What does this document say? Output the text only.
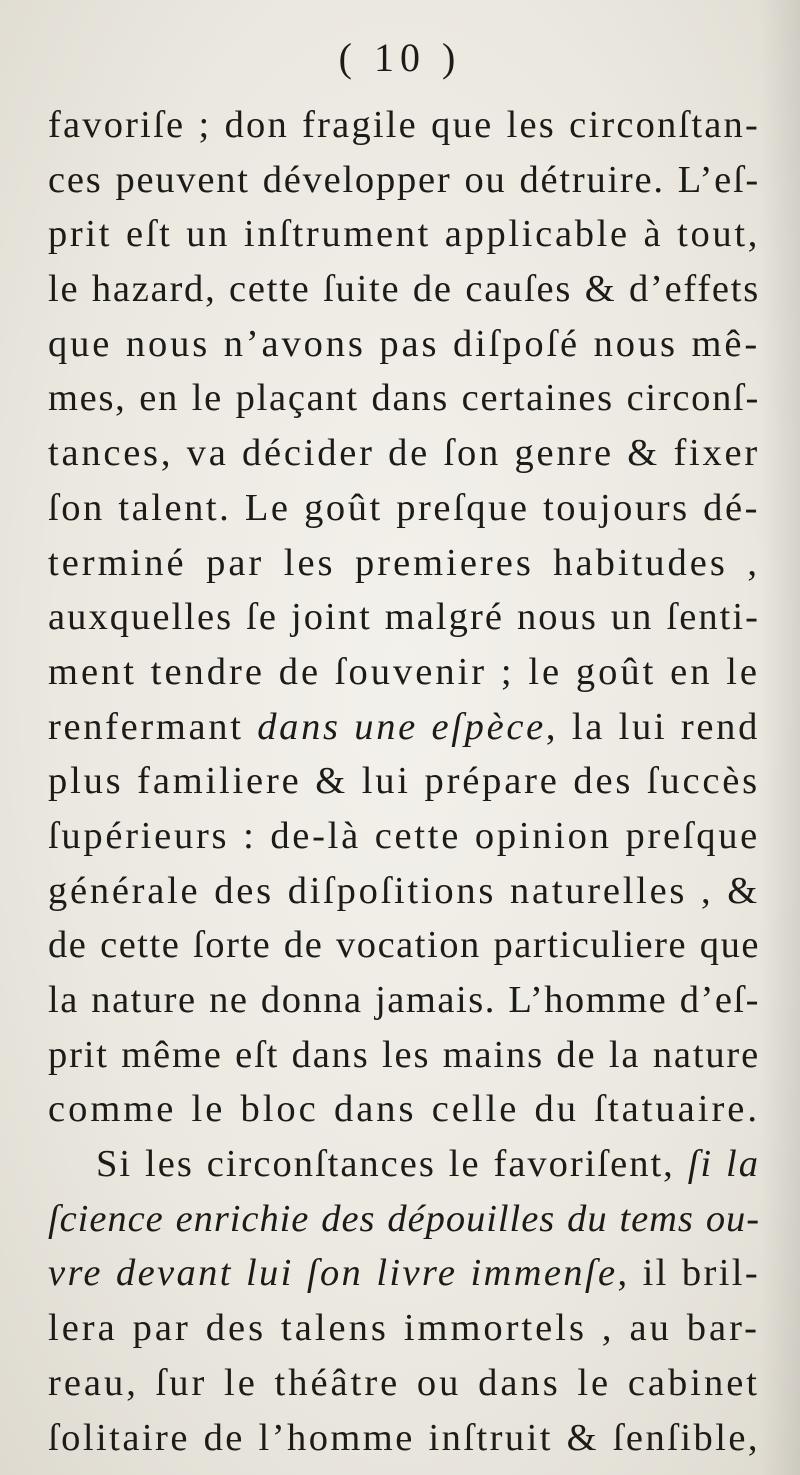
( 10 )
favoriſe ; don fragile que les circonſtan-
ces peuvent développer ou détruire. L’eſ-
prit eſt un inſtrument applicable à tout,
le hazard, cette ſuite de cauſes & d’effets
que nous n’avons pas diſpoſé nous mê-
mes, en le plaçant dans certaines circonſ-
tances, va décider de ſon genre & fixer
ſon talent. Le goût preſque toujours dé-
terminé par les premieres habitudes ,
auxquelles ſe joint malgré nous un ſenti-
ment tendre de ſouvenir ; le goût en le
renfermant dans une eſpèce, la lui rend
plus familiere & lui prépare des ſuccès
ſupérieurs : de-là cette opinion preſque
générale des diſpoſitions naturelles , &
de cette ſorte de vocation particuliere que
la nature ne donna jamais. L’homme d’eſ-
prit même eſt dans les mains de la nature
comme le bloc dans celle du ſtatuaire.
Si les circonſtances le favoriſent, ſi la
ſcience enrichie des dépouilles du tems ou-
vre devant lui ſon livre immenſe, il bril-
lera par des talens immortels , au bar-
reau, ſur le théâtre ou dans le cabinet
ſolitaire de l’homme inſtruit & ſenſible,
